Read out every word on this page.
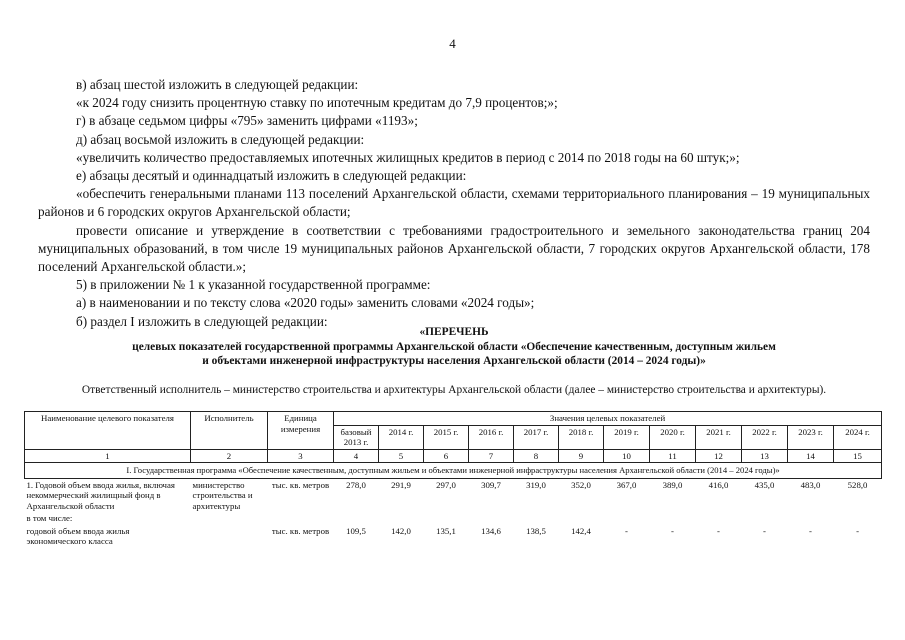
4

в) абзац шестой изложить в следующей редакции:

«к 2024 году снизить процентную ставку по ипотечным кредитам до 7,9 процентов;»;

г) в абзаце седьмом цифры «795» заменить цифрами «1193»;

д) абзац восьмой изложить в следующей редакции:

«увеличить количество предоставляемых ипотечных жилищных кредитов в период с 2014 по 2018 годы на 60 штук;»;

е) абзацы десятый и одиннадцатый изложить в следующей редакции:

«обеспечить генеральными планами 113 поселений Архангельской области, схемами территориального планирования – 19 муниципальных районов и 6 городских округов Архангельской области;

провести описание и утверждение в соответствии с требованиями градостроительного и земельного законодательства границ 204 муниципальных образований, в том числе 19 муниципальных районов Архангельской области, 7 городских округов Архангельской области, 178 поселений Архангельской области.»;

5) в приложении № 1 к указанной государственной программе:

а) в наименовании и по тексту слова «2020 годы» заменить словами «2024 годы»;

б) раздел I изложить в следующей редакции:

«ПЕРЕЧЕНЬ
целевых показателей государственной программы Архангельской области «Обеспечение качественным, доступным жильем
и объектами инженерной инфраструктуры населения Архангельской области (2014 – 2024 годы)»
Ответственный исполнитель – министерство строительства и архитектуры Архангельской области (далее – министерство строительства и архитектуры).
Наименование целевого показателя	Исполнитель	Единица измерения	Значения целевых показателей											
			базовый 2013 г.	2014 г.	2015 г.	2016 г.	2017 г.	2018 г.	2019 г.	2020 г.	2021 г.	2022 г.	2023 г.	2024 г.
1	2	3	4	5	6	7	8	9	10	11	12	13	14	15
I. Государственная программа «Обеспечение качественным, доступным жильем и объектами инженерной инфраструктуры населения Архангельской области (2014 – 2024 годы)»														
1. Годовой объем ввода жилья, включая некоммерческий жилищный фонд в Архангельской области	министерство строительства и архитектуры	тыс. кв. метров	278,0	291,9	297,0	309,7	319,0	352,0	367,0	389,0	416,0	435,0	483,0	528,0
в том числе:														
годовой объем ввода жилья экономического класса		тыс. кв. метров	109,5	142,0	135,1	134,6	138,5	142,4	-	-	-	-	-	-
